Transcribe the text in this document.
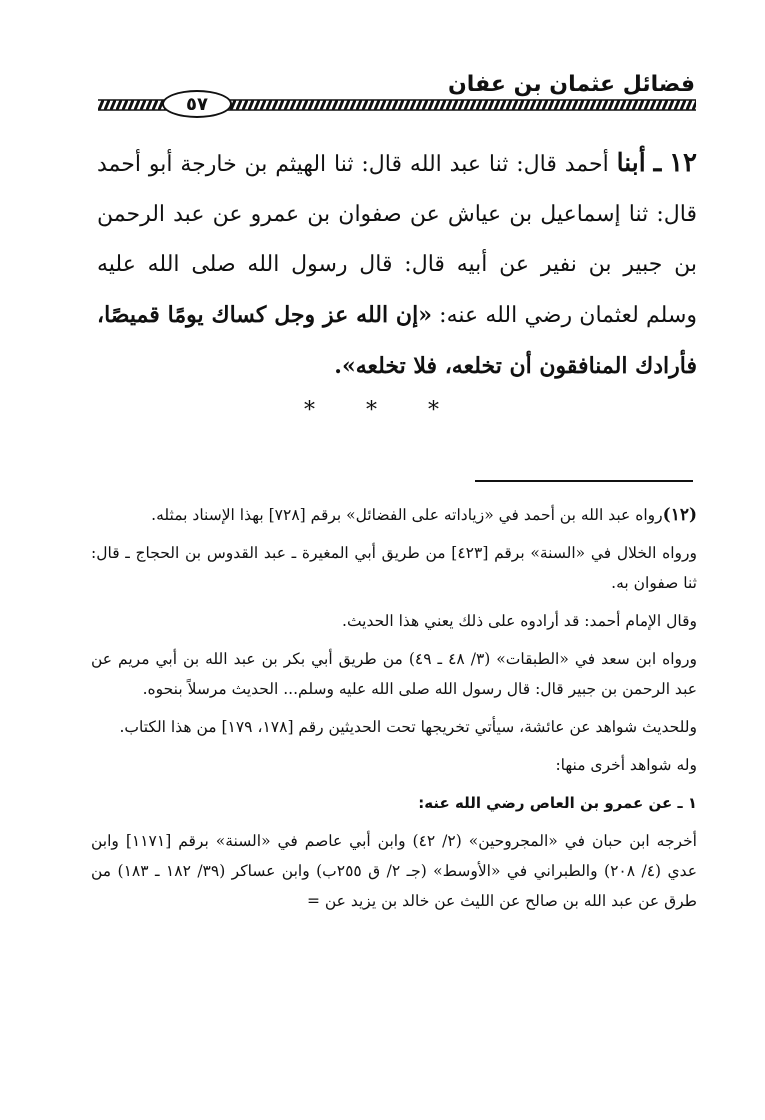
فضائل عثمان بن عفان
٥٧
١٢ ـ أبنا أحمد قال: ثنا عبد الله قال: ثنا الهيثم بن خارجة أبو أحمد قال: ثنا إسماعيل بن عياش عن صفوان بن عمرو عن عبد الرحمن بن جبير بن نفير عن أبيه قال: قال رسول الله صلى الله عليه وسلم لعثمان رضي الله عنه: «إن الله عز وجل كساك يومًا قميصًا، فأرادك المنافقون أن تخلعه، فلا تخلعه».
* * *

(١٢)رواه عبد الله بن أحمد في «زياداته على الفضائل» برقم [٧٢٨] بهذا الإسناد بمثله.

ورواه الخلال في «السنة» برقم [٤٢٣] من طريق أبي المغيرة ـ عبد القدوس بن الحجاج ـ قال: ثنا صفوان به.

وقال الإمام أحمد: قد أرادوه على ذلك يعني هذا الحديث.

ورواه ابن سعد في «الطبقات» (٣/ ٤٨ ـ ٤٩) من طريق أبي بكر بن عبد الله بن أبي مريم عن عبد الرحمن بن جبير قال: قال رسول الله صلى الله عليه وسلم... الحديث مرسلاً بنحوه.

وللحديث شواهد عن عائشة، سيأتي تخريجها تحت الحديثين رقم [١٧٨، ١٧٩] من هذا الكتاب.

وله شواهد أخرى منها:

١ ـ عن عمرو بن العاص رضي الله عنه:

أخرجه ابن حبان في «المجروحين» (٢/ ٤٢) وابن أبي عاصم في «السنة» برقم [١١٧١] وابن عدي (٤/ ٢٠٨) والطبراني في «الأوسط» (جـ ٢/ ق ٢٥٥ب) وابن عساكر (٣٩/ ١٨٢ ـ ١٨٣) من طرق عن عبد الله بن صالح عن الليث عن خالد بن يزيد عن =
